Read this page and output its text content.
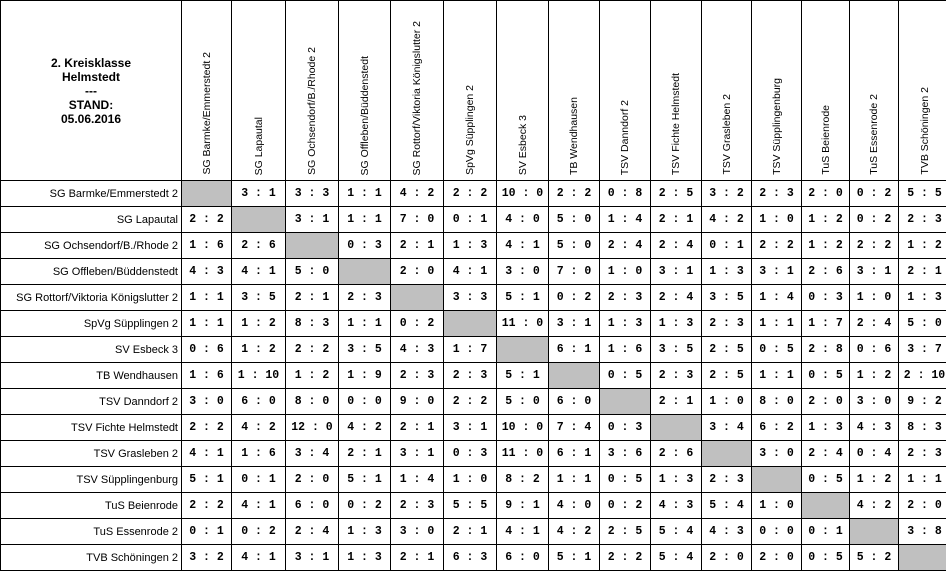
2. Kreisklasse
Helmstedt
---
STAND:
05.06.2016	SG Barmke/Emmerstedt 2	SG Lapautal	SG Ochsendorf/B./Rhode 2	SG Offleben/Büddenstedt	SG Rottorf/Viktoria Königslutter 2	SpVg Süpplingen 2	SV Esbeck 3	TB Wendhausen	TSV Danndorf 2	TSV Fichte Helmstedt	TSV Grasleben 2	TSV Süpplingenburg	TuS Beienrode	TuS Essenrode 2	TVB Schöningen 2

SG Barmke/Emmerstedt 2		3 : 1	3 : 3	1 : 1	4 : 2	2 : 2	10 : 0	2 : 2	0 : 8	2 : 5	3 : 2	2 : 3	2 : 0	0 : 2	5 : 5
SG Lapautal	2 : 2		3 : 1	1 : 1	7 : 0	0 : 1	4 : 0	5 : 0	1 : 4	2 : 1	4 : 2	1 : 0	1 : 2	0 : 2	2 : 3
SG Ochsendorf/B./Rhode 2	1 : 6	2 : 6		0 : 3	2 : 1	1 : 3	4 : 1	5 : 0	2 : 4	2 : 4	0 : 1	2 : 2	1 : 2	2 : 2	1 : 2
SG Offleben/Büddenstedt	4 : 3	4 : 1	5 : 0		2 : 0	4 : 1	3 : 0	7 : 0	1 : 0	3 : 1	1 : 3	3 : 1	2 : 6	3 : 1	2 : 1
SG Rottorf/Viktoria Königslutter 2	1 : 1	3 : 5	2 : 1	2 : 3		3 : 3	5 : 1	0 : 2	2 : 3	2 : 4	3 : 5	1 : 4	0 : 3	1 : 0	1 : 3
SpVg Süpplingen 2	1 : 1	1 : 2	8 : 3	1 : 1	0 : 2		11 : 0	3 : 1	1 : 3	1 : 3	2 : 3	1 : 1	1 : 7	2 : 4	5 : 0
SV Esbeck 3	0 : 6	1 : 2	2 : 2	3 : 5	4 : 3	1 : 7		6 : 1	1 : 6	3 : 5	2 : 5	0 : 5	2 : 8	0 : 6	3 : 7
TB Wendhausen	1 : 6	1 : 10	1 : 2	1 : 9	2 : 3	2 : 3	5 : 1		0 : 5	2 : 3	2 : 5	1 : 1	0 : 5	1 : 2	2 : 10
TSV Danndorf 2	3 : 0	6 : 0	8 : 0	0 : 0	9 : 0	2 : 2	5 : 0	6 : 0		2 : 1	1 : 0	8 : 0	2 : 0	3 : 0	9 : 2
TSV Fichte Helmstedt	2 : 2	4 : 2	12 : 0	4 : 2	2 : 1	3 : 1	10 : 0	7 : 4	0 : 3		3 : 4	6 : 2	1 : 3	4 : 3	8 : 3
TSV Grasleben 2	4 : 1	1 : 6	3 : 4	2 : 1	3 : 1	0 : 3	11 : 0	6 : 1	3 : 6	2 : 6		3 : 0	2 : 4	0 : 4	2 : 3
TSV Süpplingenburg	5 : 1	0 : 1	2 : 0	5 : 1	1 : 4	1 : 0	8 : 2	1 : 1	0 : 5	1 : 3	2 : 3		0 : 5	1 : 2	1 : 1
TuS Beienrode	2 : 2	4 : 1	6 : 0	0 : 2	2 : 3	5 : 5	9 : 1	4 : 0	0 : 2	4 : 3	5 : 4	1 : 0		4 : 2	2 : 0
TuS Essenrode 2	0 : 1	0 : 2	2 : 4	1 : 3	3 : 0	2 : 1	4 : 1	4 : 2	2 : 5	5 : 4	4 : 3	0 : 0	0 : 1		3 : 8
TVB Schöningen 2	3 : 2	4 : 1	3 : 1	1 : 3	2 : 1	6 : 3	6 : 0	5 : 1	2 : 2	5 : 4	2 : 0	2 : 0	0 : 5	5 : 2	
